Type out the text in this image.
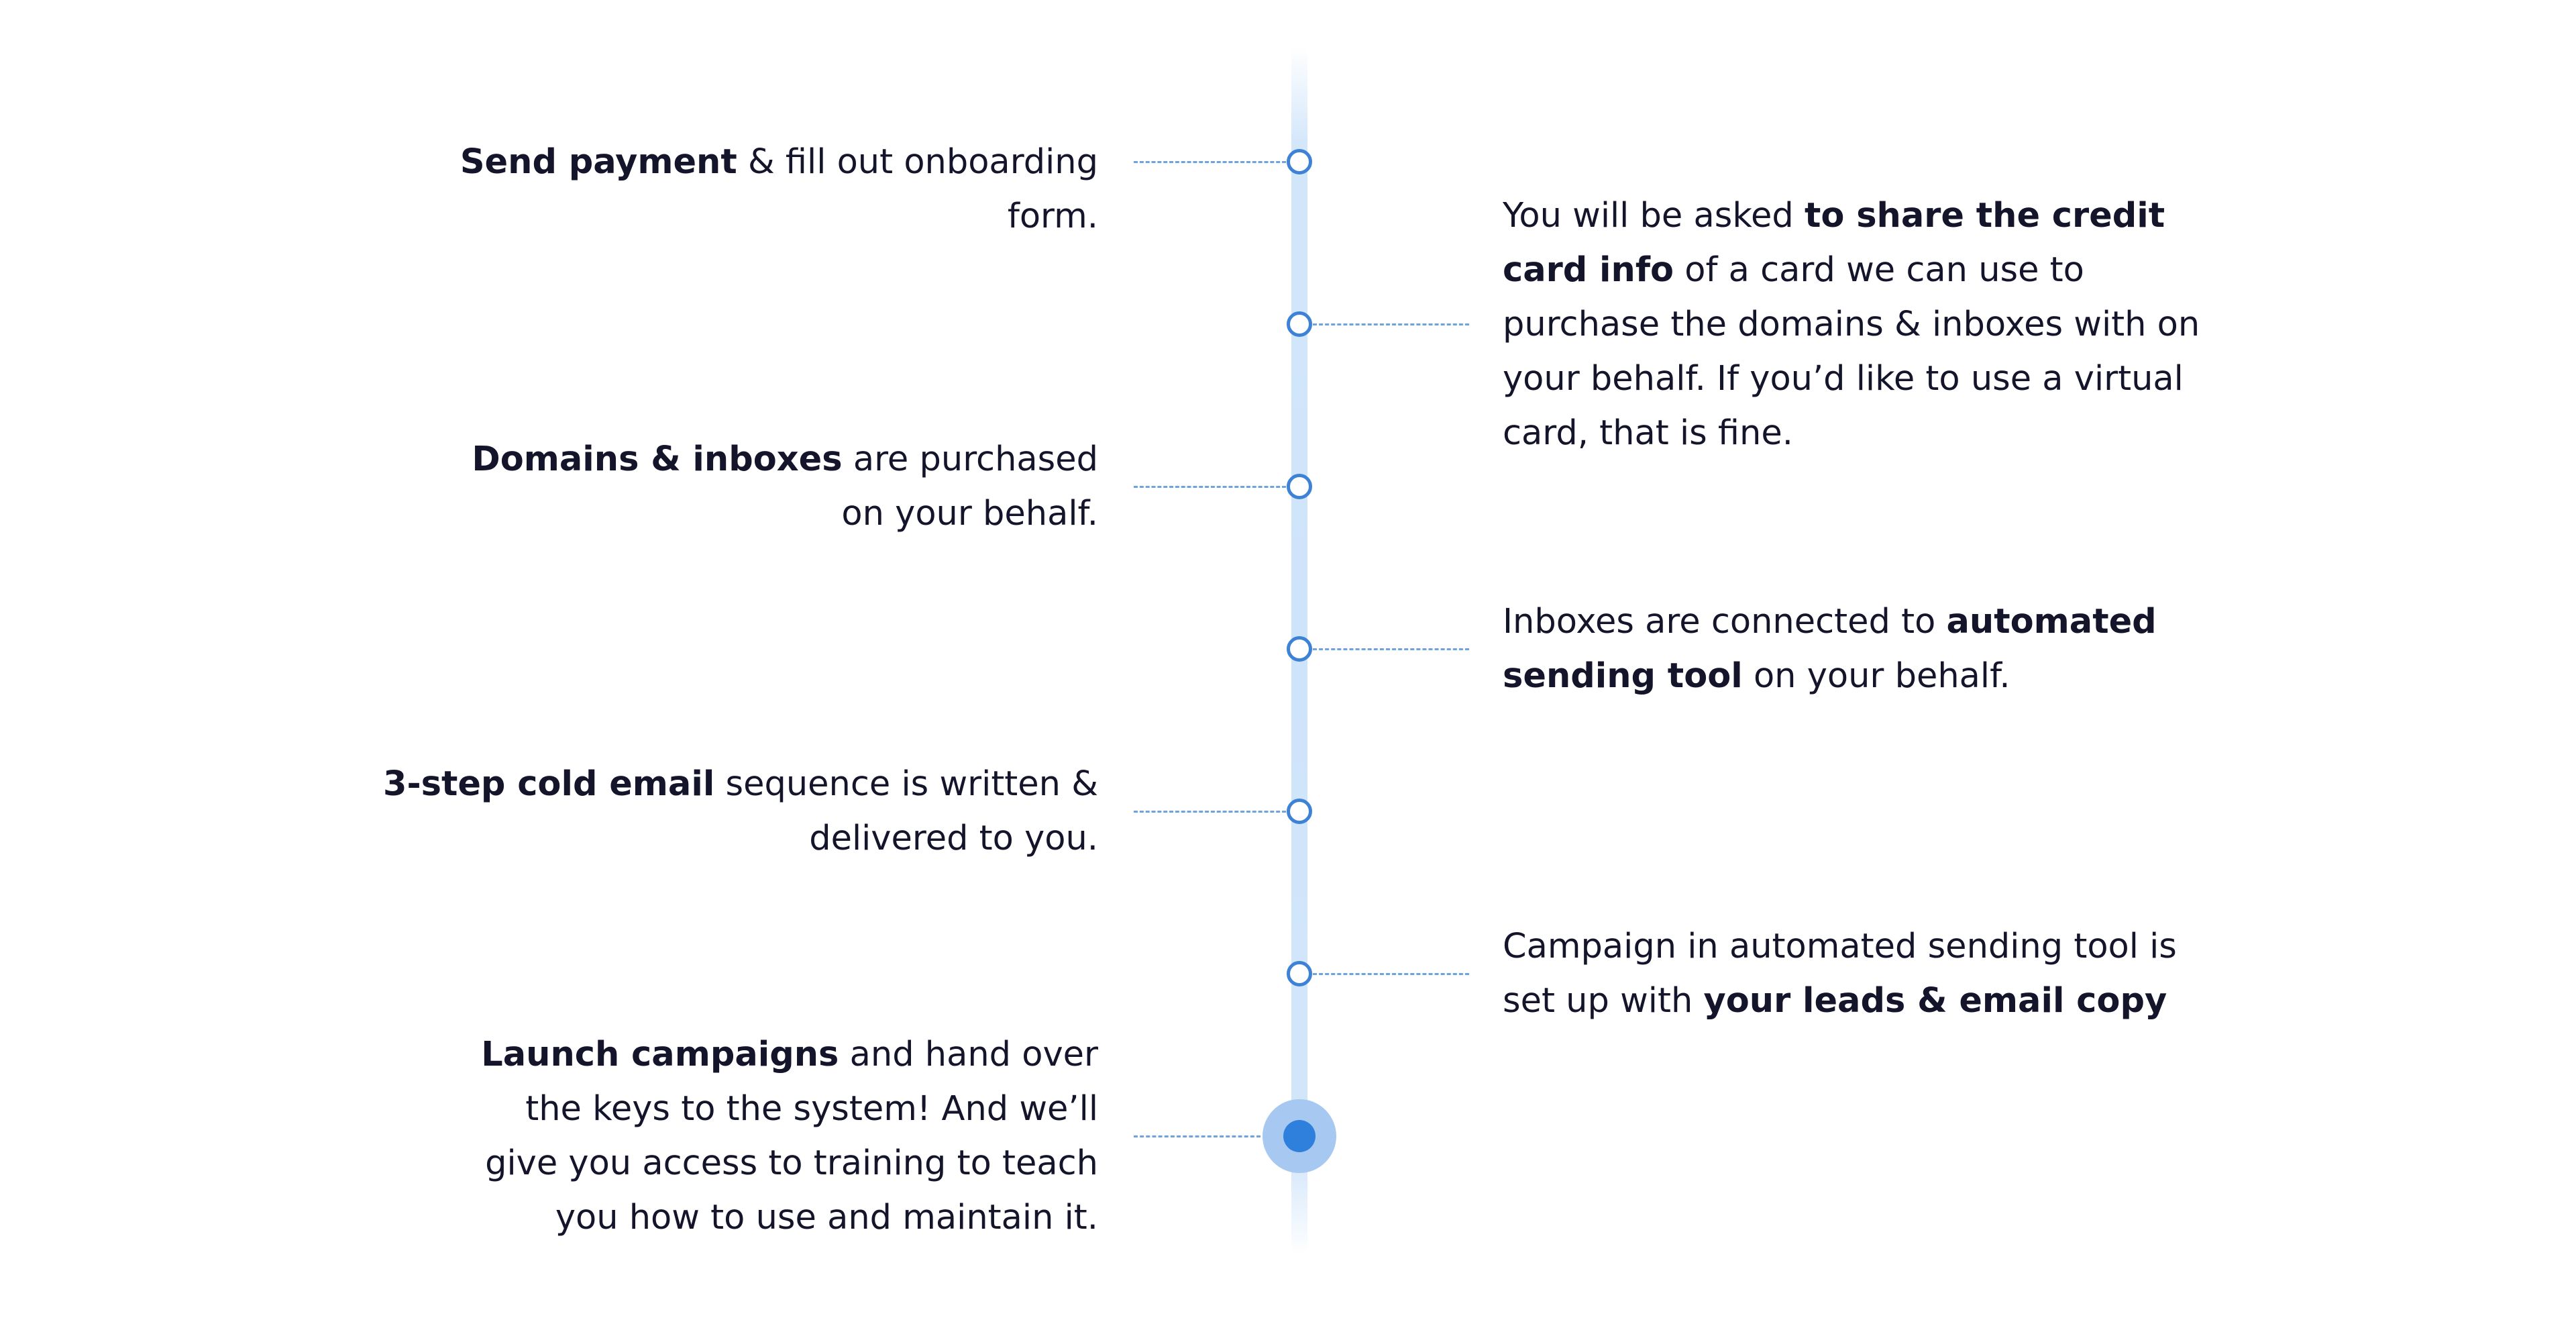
Send payment & fill out onboarding form.	You will be asked to share the credit card info of a card we can use to purchase the domains & inboxes with on your behalf. If you’d like to use a virtual card, that is fine.
Domains & inboxes are purchased on your behalf.
Inboxes are connected to automated sending tool on your behalf.
3-step cold email sequence is written & delivered to you.
Campaign in automated sending tool is set up with your leads & email copy
Launch campaigns and hand over the keys to the system! And we’ll give you access to training to teach you how to use and maintain it.
